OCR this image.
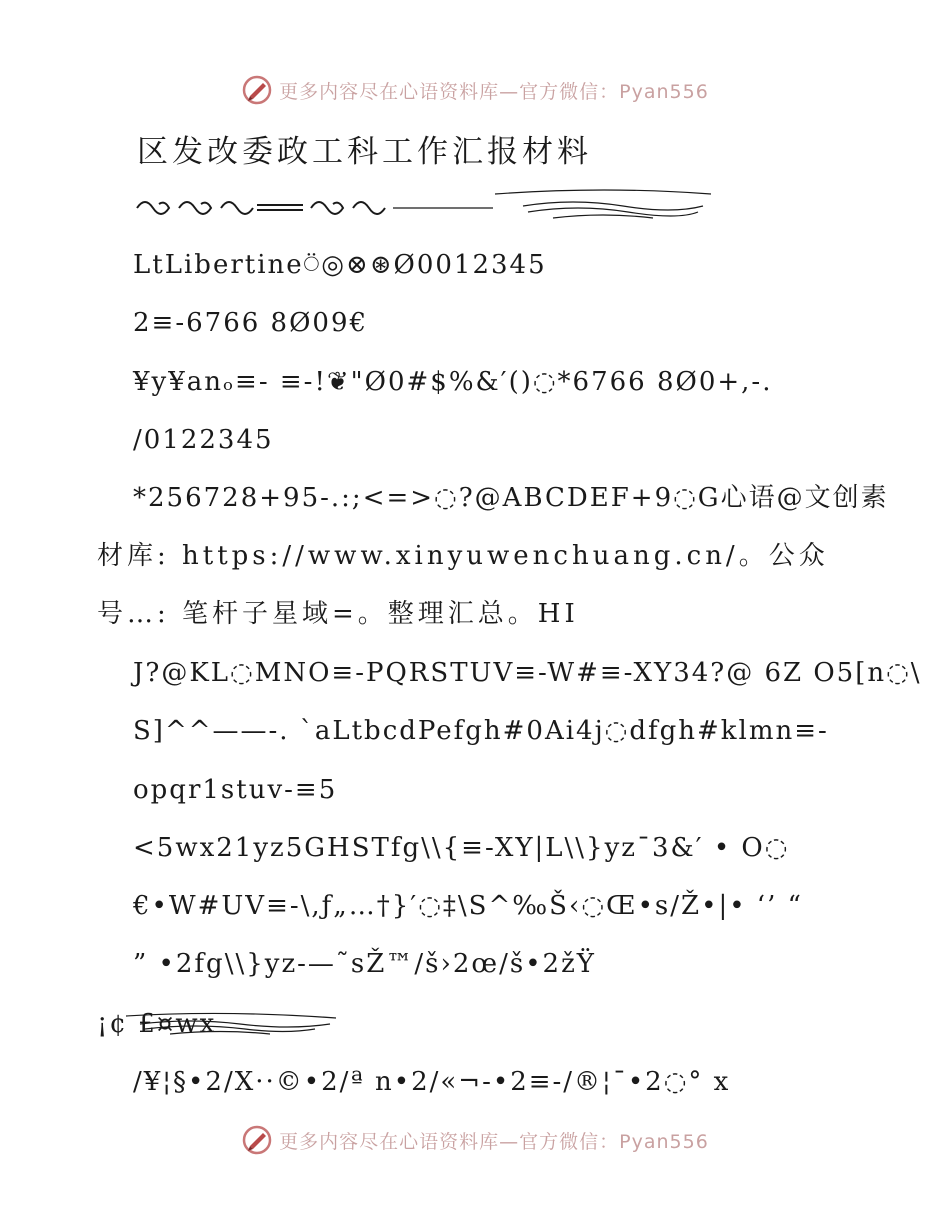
更多内容尽在心语资料库—官方微信：Pyan556
区发改委政工科工作汇报材料
LtLibertine⍥◎⊗⊛Ø0012345
2≡-6766 8Ø09€
¥y¥anₒ≡- ≡-!❦"Ø0#$%&′()◌*6766 8Ø0+,-.
/0122345
*256728+95-.:;<=>◌?@ABCDEF+9◌G心语@文创素
材库: https://www.xinyuwenchuang.cn/。公众
号…: 笔杆子星域=。整理汇总。HI
J?@KL◌MNO≡-PQRSTUV≡-W#≡-XY34?@ 6Z O5[n◌\
S]^^——-. `aLtbcdPefgh#0Ai4j◌dfgh#klmn≡-
opqr1stuv-≡5
<5wx21yz5GHSTfg\\{≡-XY|L\\}yz¯3&′ • O◌
€•W#UV≡-\,ƒ„…†}′◌‡\S^‰Š‹◌Œ•s/Ž•|• ‘’ “
” •2fg\\}yz-—˜sŽ™/š›2œ/š•2žŸ
¡¢ £¤wx
/¥¦§•2/X··©•2/ª n•2/«¬-•2≡-/®¦¯•2◌° x
更多内容尽在心语资料库—官方微信：Pyan556
